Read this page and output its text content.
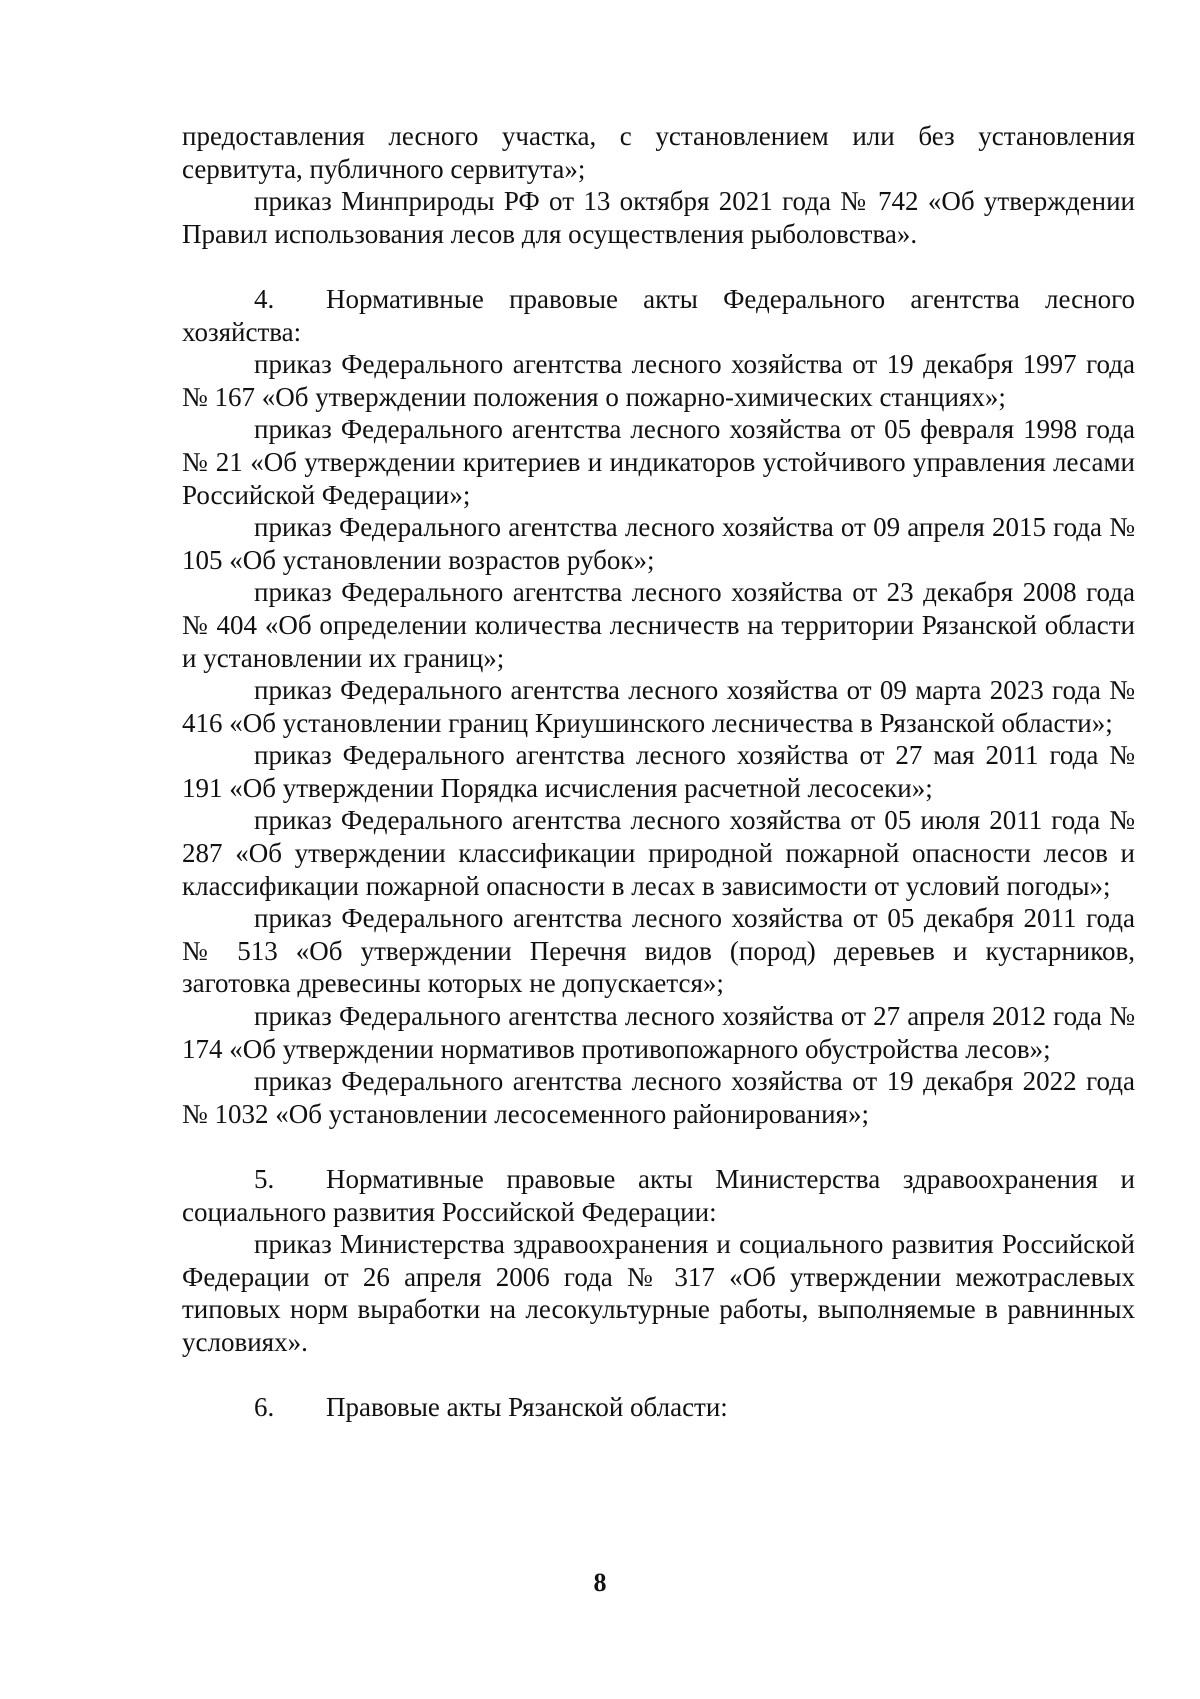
предоставления лесного участка, с установлением или без установления сервитута, публичного сервитута»;

приказ Минприроды РФ от 13 октября 2021 года № 742 «Об утверждении Правил использования лесов для осуществления рыболовства».

4. Нормативные правовые акты Федерального агентства лесного хозяйства:

приказ Федерального агентства лесного хозяйства от 19 декабря 1997 года № 167 «Об утверждении положения о пожарно-химических станциях»;

приказ Федерального агентства лесного хозяйства от 05 февраля 1998 года № 21 «Об утверждении критериев и индикаторов устойчивого управления лесами Российской Федерации»;

приказ Федерального агентства лесного хозяйства от 09 апреля 2015 года № 105 «Об установлении возрастов рубок»;

приказ Федерального агентства лесного хозяйства от 23 декабря 2008 года № 404 «Об определении количества лесничеств на территории Рязанской области и установлении их границ»;

приказ Федерального агентства лесного хозяйства от 09 марта 2023 года № 416 «Об установлении границ Криушинского лесничества в Рязанской области»;

приказ Федерального агентства лесного хозяйства от 27 мая 2011 года № 191 «Об утверждении Порядка исчисления расчетной лесосеки»;

приказ Федерального агентства лесного хозяйства от 05 июля 2011 года № 287 «Об утверждении классификации природной пожарной опасности лесов и классификации пожарной опасности в лесах в зависимости от условий погоды»;

приказ Федерального агентства лесного хозяйства от 05 декабря 2011 года № 513 «Об утверждении Перечня видов (пород) деревьев и кустарников, заготовка древесины которых не допускается»;

приказ Федерального агентства лесного хозяйства от 27 апреля 2012 года № 174 «Об утверждении нормативов противопожарного обустройства лесов»;

приказ Федерального агентства лесного хозяйства от 19 декабря 2022 года № 1032 «Об установлении лесосеменного районирования»;

5. Нормативные правовые акты Министерства здравоохранения и социального развития Российской Федерации:

приказ Министерства здравоохранения и социального развития Российской Федерации от 26 апреля 2006 года № 317 «Об утверждении межотраслевых типовых норм выработки на лесокультурные работы, выполняемые в равнинных условиях».

6. Правовые акты Рязанской области:

8
